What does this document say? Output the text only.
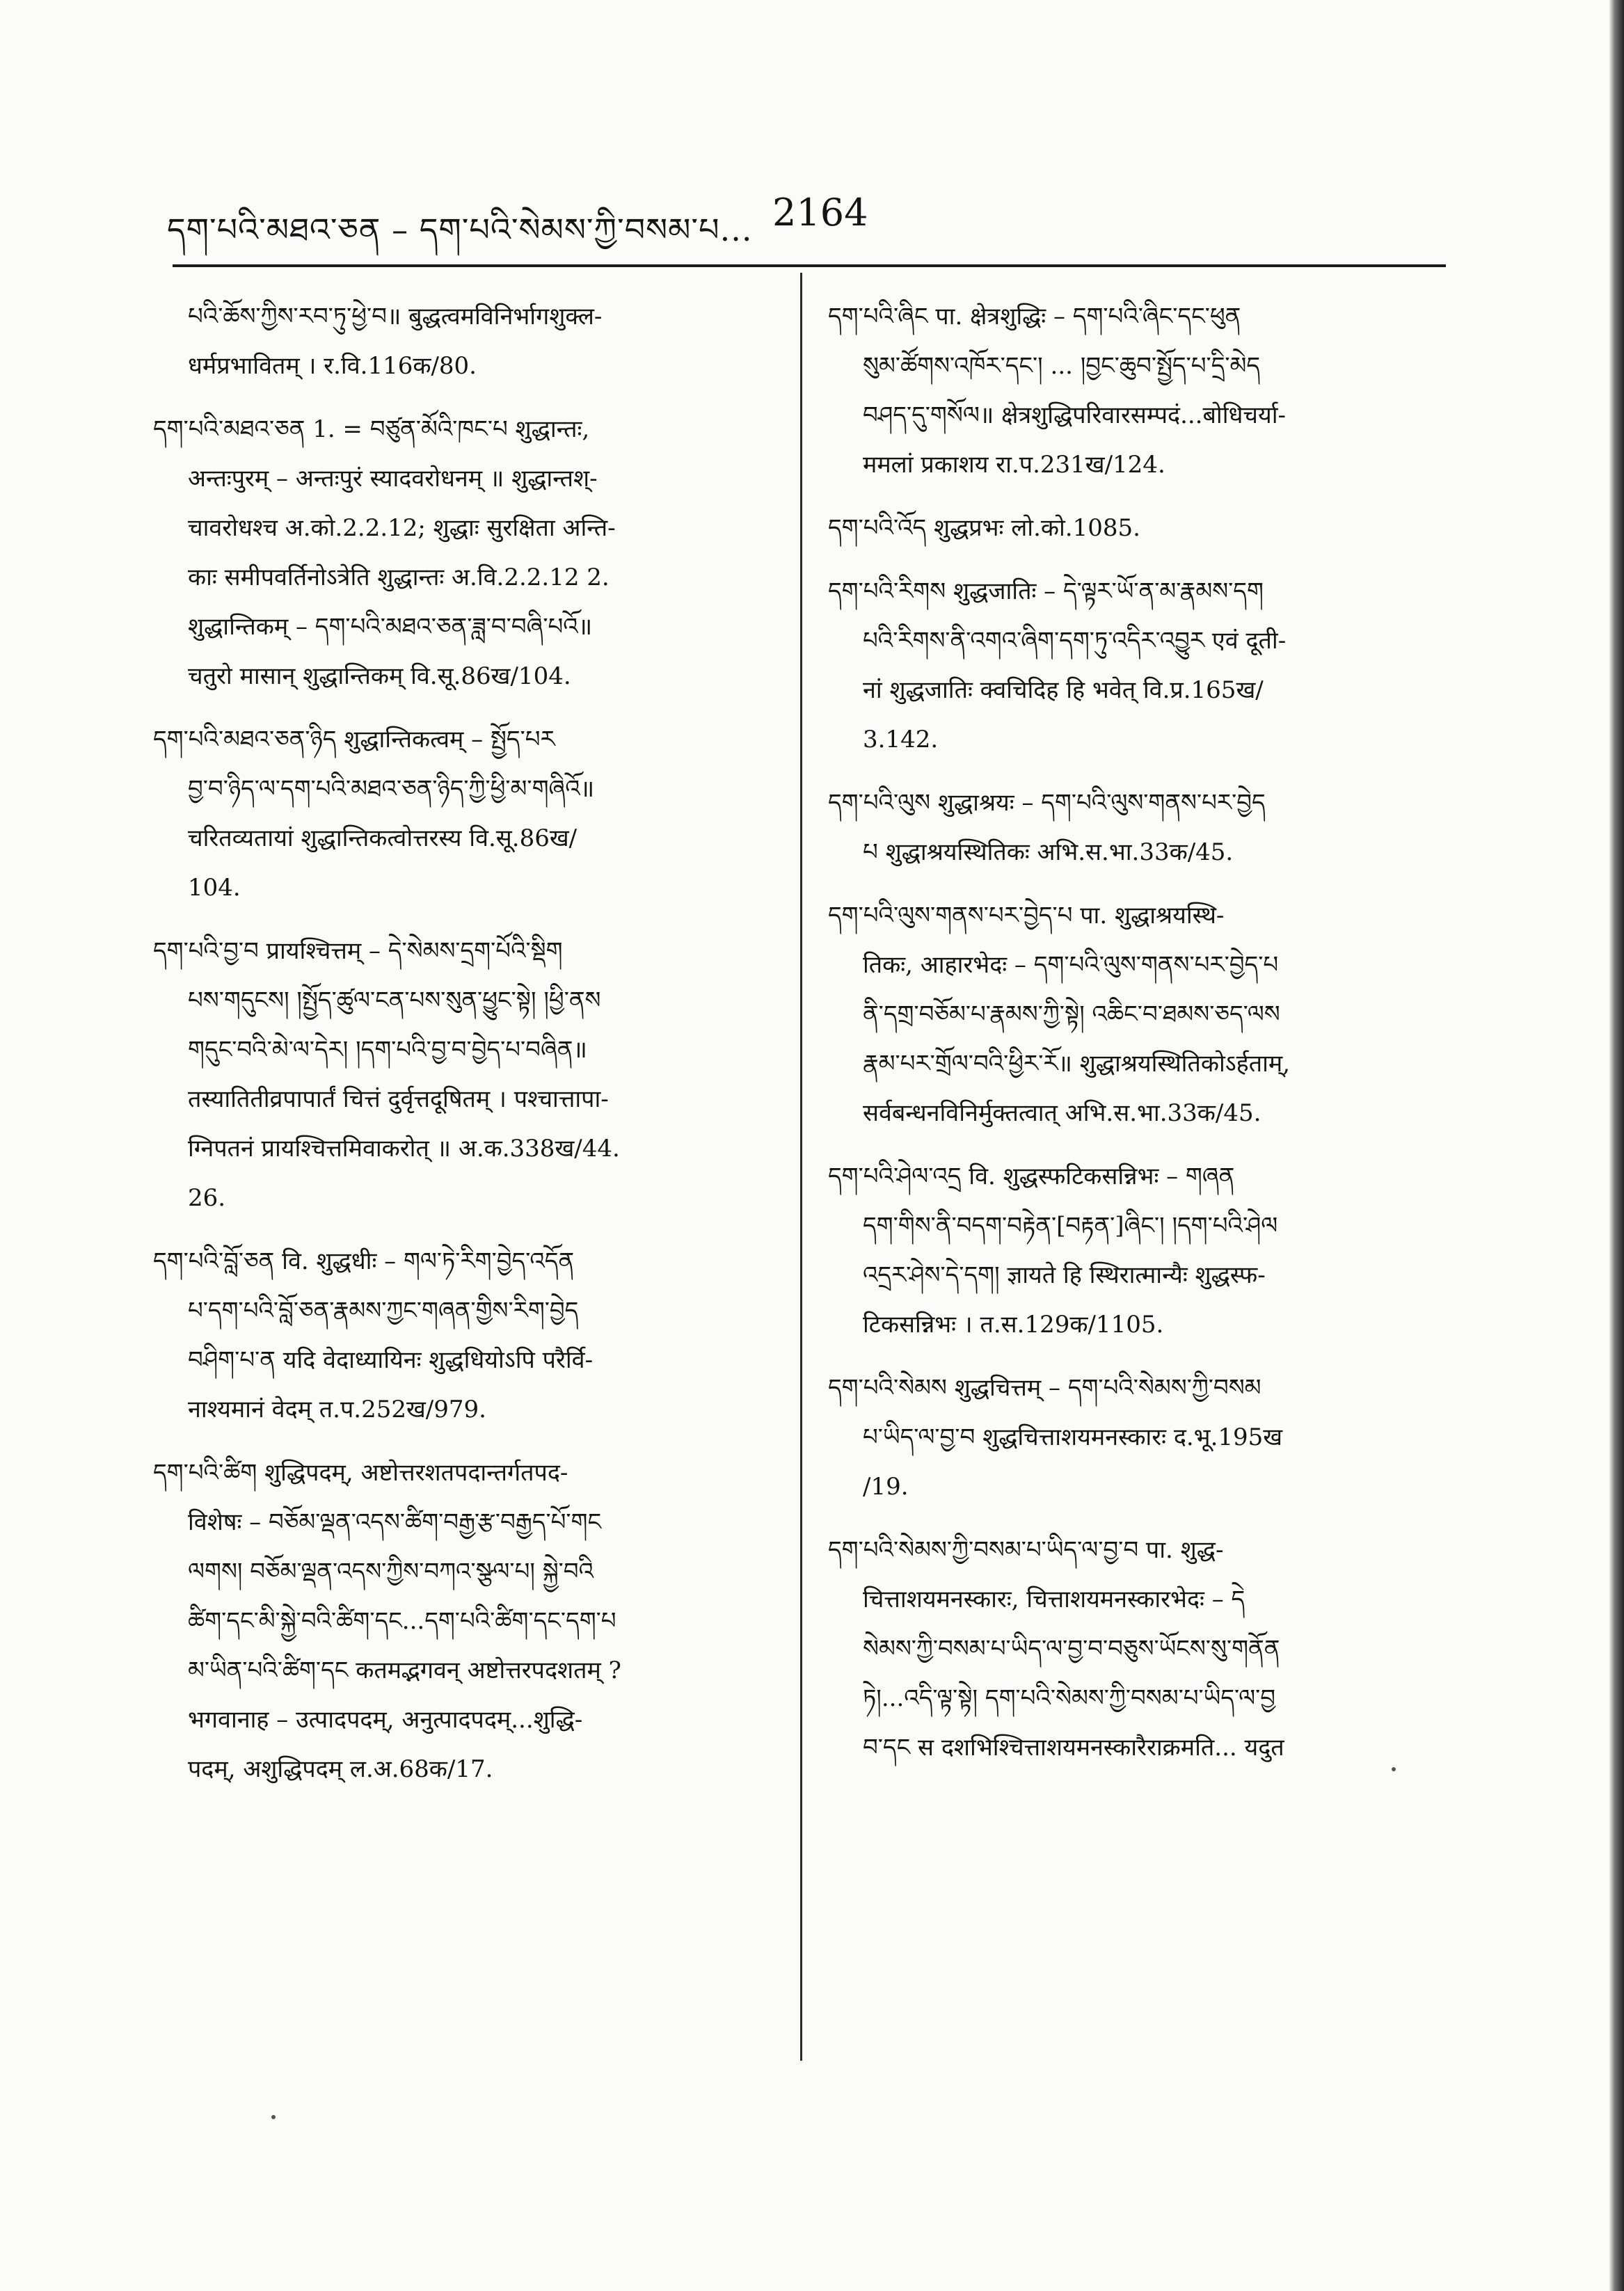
དག་པའི་མཐའ་ཅན – དག་པའི་སེམས་ཀྱི་བསམ་པ... 2164

པའི་ཆོས་ཀྱིས་རབ་ཏུ་ཕྱེ་བ॥ बुद्धत्वमविनिर्भागशुक्ल-

धर्मप्रभावितम् । र.वि.116क/80.

དག་པའི་མཐའ་ཅན 1. = བཙུན་མོའི་ཁང་པ शुद्धान्तः,

अन्तःपुरम् – अन्तःपुरं स्यादवरोधनम् ॥ शुद्धान्तश्-

चावरोधश्च अ.को.2.2.12; शुद्धाः सुरक्षिता अन्ति-

काः समीपवर्तिनोऽत्रेति शुद्धान्तः अ.वि.2.2.12 2.

शुद्धान्तिकम् – དག་པའི་མཐའ་ཅན་ཟླ་བ་བཞི་པའོ॥

चतुरो मासान् शुद्धान्तिकम् वि.सू.86ख/104.

དག་པའི་མཐའ་ཅན་ཉིད शुद्धान्तिकत्वम् – སྤྱོད་པར

བྱ་བ་ཉིད་ལ་དག་པའི་མཐའ་ཅན་ཉིད་ཀྱི་ཕྱི་མ་གཞིའོ॥

चरितव्यतायां शुद्धान्तिकत्वोत्तरस्य वि.सू.86ख/

104.

དག་པའི་བྱ་བ प्रायश्चित्तम् – དེ་སེམས་དྲག་པོའི་སྡིག

པས་གདུངས། །སྤྱོད་ཚུལ་ངན་པས་སུན་ཕྱུང་སྟེ། །ཕྱི་ནས

གདུང་བའི་མེ་ལ་དེར། །དག་པའི་བྱ་བ་བྱེད་པ་བཞིན॥

तस्यातितीव्रपापार्तं चित्तं दुर्वृत्तदूषितम् । पश्चात्तापा-

ग्निपतनं प्रायश्चित्तमिवाकरोत् ॥ अ.क.338ख/44.

26.

དག་པའི་བློ་ཅན वि. शुद्धधीः – གལ་ཏེ་རིག་བྱེད་འདོན

པ་དག་པའི་བློ་ཅན་རྣམས་ཀྱང་གཞན་གྱིས་རིག་བྱེད

བཤིག་པ་ན यदि वेदाध्यायिनः शुद्धधियोऽपि परैर्वि-

नाश्यमानं वेदम् त.प.252ख/979.

དག་པའི་ཚིག शुद्धिपदम्, अष्टोत्तरशतपदान्तर्गतपद-

विशेषः – བཅོམ་ལྡན་འདས་ཚིག་བརྒྱ་རྩ་བརྒྱད་པོ་གང

ལགས། བཅོམ་ལྡན་འདས་ཀྱིས་བཀའ་སྩལ་པ། སྐྱེ་བའི

ཚིག་དང་མི་སྐྱེ་བའི་ཚིག་དང...དག་པའི་ཚིག་དང་དག་པ

མ་ཡིན་པའི་ཚིག་དང कतमद्भगवन् अष्टोत्तरपदशतम् ?

भगवानाह – उत्पादपदम्, अनुत्पादपदम्...शुद्धि-

पदम्, अशुद्धिपदम् ल.अ.68क/17.

དག་པའི་ཞིང पा. क्षेत्रशुद्धिः – དག་པའི་ཞིང་དང་ཕུན

སུམ་ཚོགས་འཁོར་དང་། ... །བྱང་ཆུབ་སྤྱོད་པ་དྲི་མེད

བཤད་དུ་གསོལ॥ क्षेत्रशुद्धिपरिवारसम्पदं...बोधिचर्या-

ममलां प्रकाशय रा.प.231ख/124.

དག་པའི་འོད शुद्धप्रभः लो.को.1085.

དག་པའི་རིགས शुद्धजातिः – དེ་ལྟར་ཡོ་ན་མ་རྣམས་དག

པའི་རིགས་ནི་འགའ་ཞིག་དག་ཏུ་འདིར་འབྱུར एवं दूती-

नां शुद्धजातिः क्वचिदिह हि भवेत् वि.प्र.165ख/

3.142.

དག་པའི་ལུས शुद्धाश्रयः – དག་པའི་ལུས་གནས་པར་བྱེད

པ शुद्धाश्रयस्थितिकः अभि.स.भा.33क/45.

དག་པའི་ལུས་གནས་པར་བྱེད་པ पा. शुद्धाश्रयस्थि-

तिकः, आहारभेदः – དག་པའི་ལུས་གནས་པར་བྱེད་པ

ནི་དགྲ་བཅོམ་པ་རྣམས་ཀྱི་སྟེ། འཆིང་བ་ཐམས་ཅད་ལས

རྣམ་པར་གྲོལ་བའི་ཕྱིར་རོ॥ शुद्धाश्रयस्थितिकोऽर्हताम्,

सर्वबन्धनविनिर्मुक्तत्वात् अभि.स.भा.33क/45.

དག་པའི་ཤེལ་འདྲ वि. शुद्धस्फटिकसन्निभः – གཞན

དག་གིས་ནི་བདག་བརྟེན་[བརྟན་]ཞིང་། །དག་པའི་ཤེལ

འདྲར་ཤེས་དེ་དག། ज्ञायते हि स्थिरात्मान्यैः शुद्धस्फ-

टिकसन्निभः । त.स.129क/1105.

དག་པའི་སེམས शुद्धचित्तम् – དག་པའི་སེམས་ཀྱི་བསམ

པ་ཡིད་ལ་བྱ་བ शुद्धचित्ताशयमनस्कारः द.भू.195ख

/19.

དག་པའི་སེམས་ཀྱི་བསམ་པ་ཡིད་ལ་བྱ་བ पा. शुद्ध-

चित्ताशयमनस्कारः, चित्ताशयमनस्कारभेदः – དེ

སེམས་ཀྱི་བསམ་པ་ཡིད་ལ་བྱ་བ་བཅུས་ཡོངས་སུ་གནོན

ཏེ།...འདི་ལྟ་སྟེ། དག་པའི་སེམས་ཀྱི་བསམ་པ་ཡིད་ལ་བྱ

བ་དང स दशभिश्चित्ताशयमनस्कारैराक्रमति... यदुत
